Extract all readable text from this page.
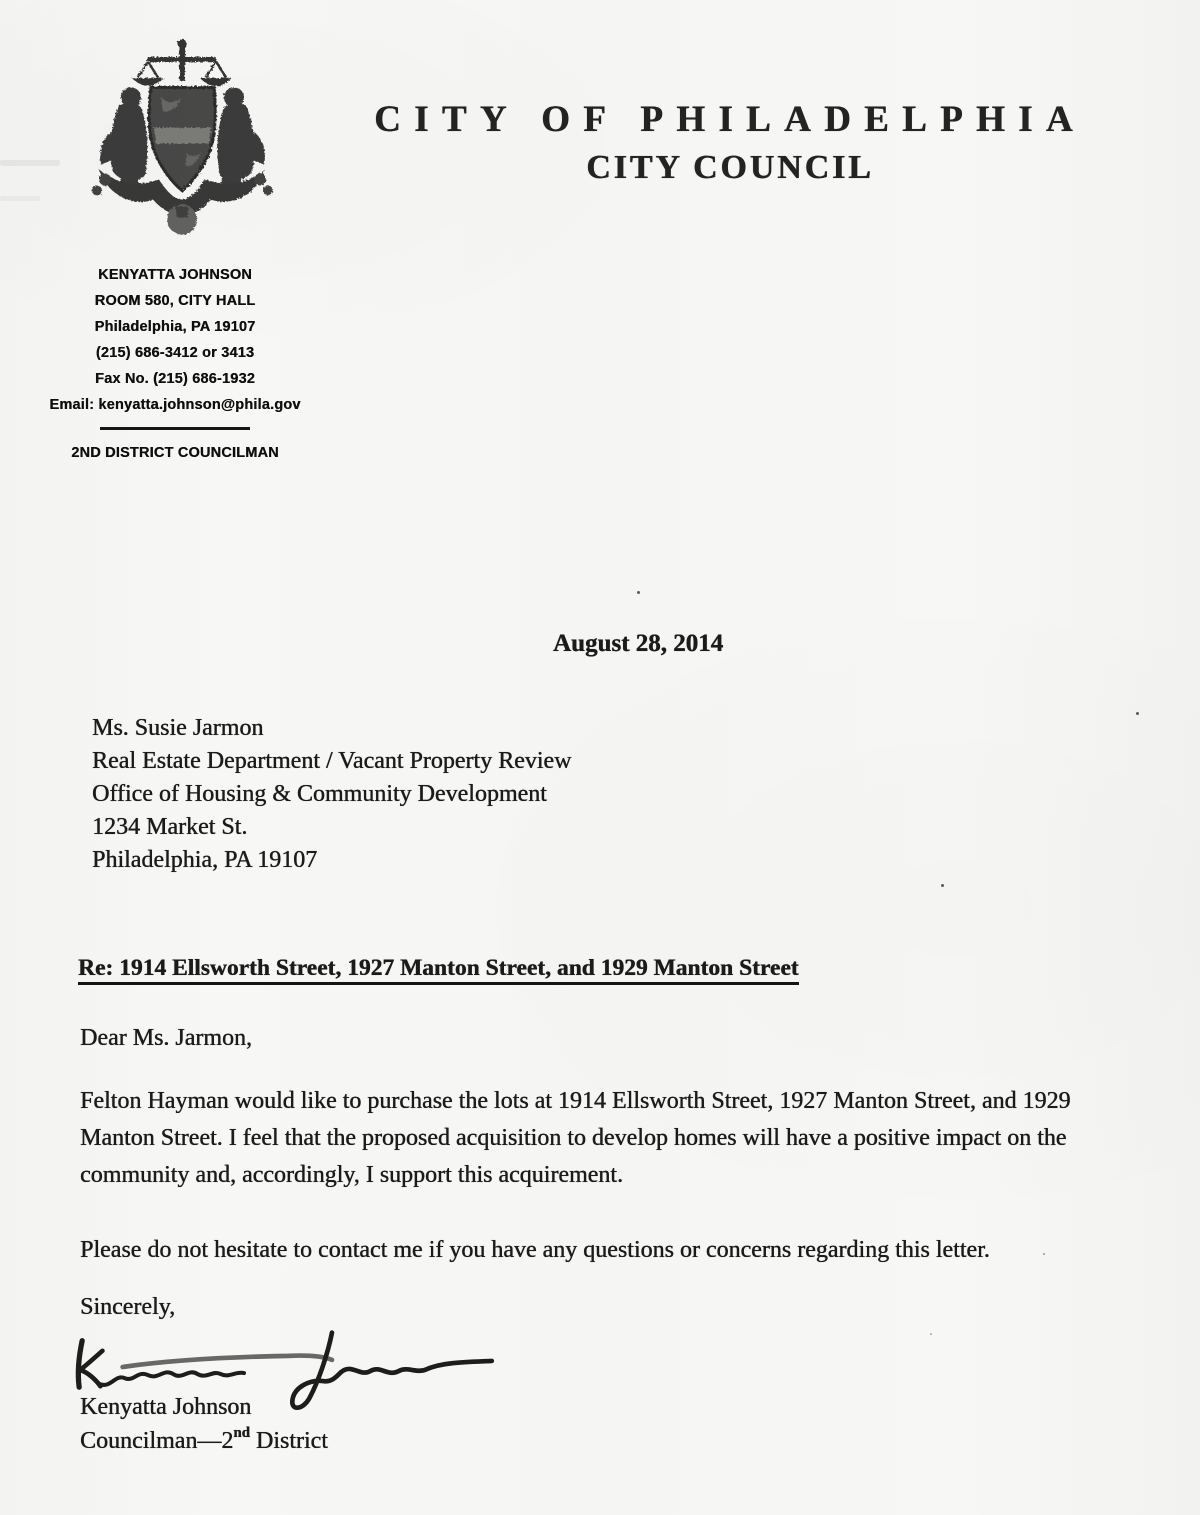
CITY OF PHILADELPHIA
CITY COUNCIL
KENYATTA JOHNSON
ROOM 580, CITY HALL
Philadelphia, PA 19107
(215) 686-3412 or 3413
Fax No. (215) 686-1932
Email: kenyatta.johnson@phila.gov
2ND DISTRICT COUNCILMAN
August 28, 2014
Ms. Susie Jarmon
Real Estate Department / Vacant Property Review
Office of Housing & Community Development
1234 Market St.
Philadelphia, PA 19107
Re: 1914 Ellsworth Street, 1927 Manton Street, and 1929 Manton Street
Dear Ms. Jarmon,

Felton Hayman would like to purchase the lots at 1914 Ellsworth Street, 1927 Manton Street, and 1929 Manton Street. I feel that the proposed acquisition to develop homes will have a positive impact on the community and, accordingly, I support this acquirement.

Please do not hesitate to contact me if you have any questions or concerns regarding this letter.

Sincerely,
Kenyatta Johnson
Councilman—2nd District
